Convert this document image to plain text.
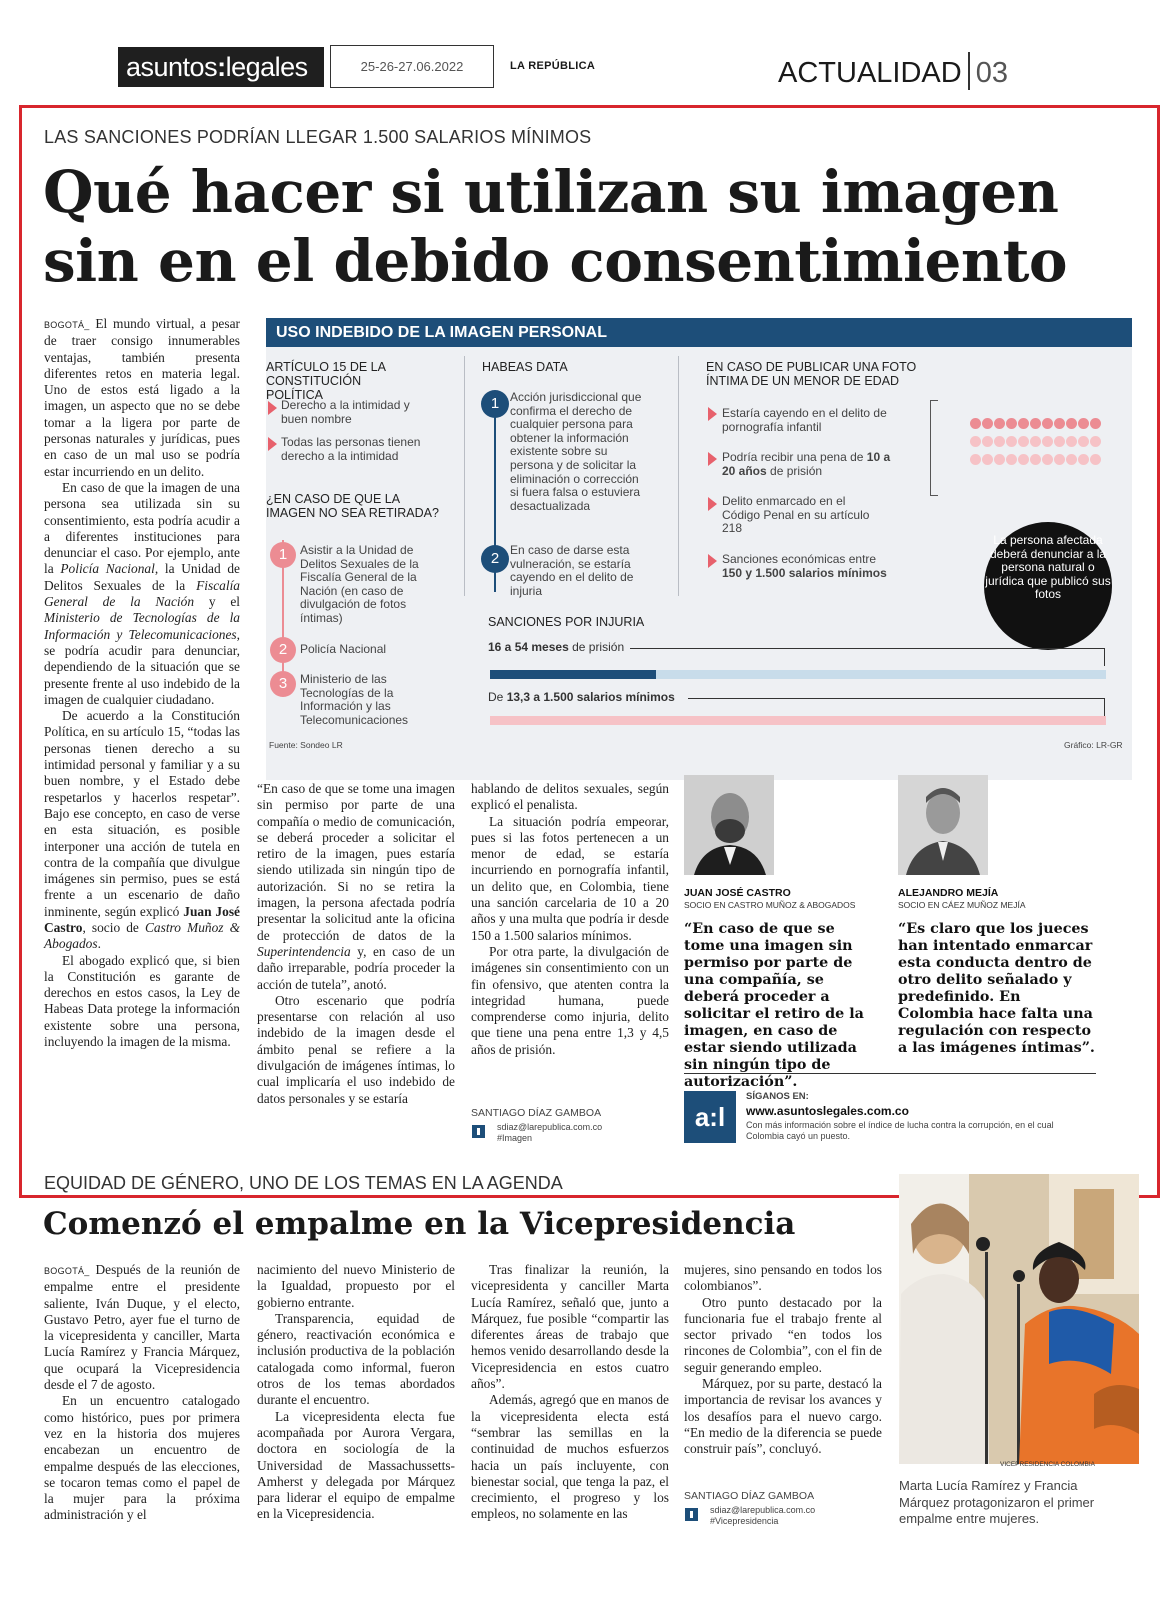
asuntos:legales	25-26-27.06.2022	LA REPÚBLICA	ACTUALIDAD 03
LAS SANCIONES PODRÍAN LLEGAR 1.500 SALARIOS MÍNIMOS
Qué hacer si utilizan su imagen sin en el debido consentimiento

BOGOTÁ_ El mundo virtual, a pesar de traer consigo innumerables ventajas, también presenta diferentes retos en materia legal. Uno de estos está ligado a la imagen, un aspecto que no se debe tomar a la ligera por parte de personas naturales y jurídicas, pues en caso de un mal uso se podría estar incurriendo en un delito.

En caso de que la imagen de una persona sea utilizada sin su consentimiento, esta podría acudir a a diferentes instituciones para denunciar el caso. Por ejemplo, ante la Policía Nacional, la Unidad de Delitos Sexuales de la Fiscalía General de la Nación y el Ministerio de Tecnologías de la Información y Telecomunicaciones, se podría acudir para denunciar, dependiendo de la situación que se presente frente al uso indebido de la imagen de cualquier ciudadano.

De acuerdo a la Constitución Política, en su artículo 15, “todas las personas tienen derecho a su intimidad personal y familiar y a su buen nombre, y el Estado debe respetarlos y hacerlos respetar”. Bajo ese concepto, en caso de verse en esta situación, es posible interponer una acción de tutela en contra de la compañía que divulgue imágenes sin permiso, pues se está frente a un escenario de daño inminente, según explicó Juan José Castro, socio de Castro Muñoz & Abogados.

El abogado explicó que, si bien la Constitución es garante de derechos en estos casos, la Ley de Habeas Data protege la información existente sobre una persona, incluyendo la imagen de la misma.

USO INDEBIDO DE LA IMAGEN PERSONAL
ARTÍCULO 15 DE LA CONSTITUCIÓN POLÍTICA
Derecho a la intimidad y buen nombre
Todas las personas tienen derecho a la intimidad
¿EN CASO DE QUE LA IMAGEN NO SEA RETIRADA?
1	Asistir a la Unidad de Delitos Sexuales de la Fiscalía General de la Nación (en caso de divulgación de fotos íntimas)
2	Policía Nacional
3	Ministerio de las Tecnologías de la Información y las Telecomunicaciones
HABEAS DATA
1 Acción jurisdiccional que confirma el derecho de cualquier persona para obtener la información existente sobre su persona y de solicitar la eliminación o corrección si fuera falsa o estuviera desactualizada
2 En caso de darse esta vulneración, se estaría cayendo en el delito de injuria
EN CASO DE PUBLICAR UNA FOTO ÍNTIMA DE UN MENOR DE EDAD
Estaría cayendo en el delito de pornografía infantil
Podría recibir una pena de 10 a 20 años de prisión
Delito enmarcado en el Código Penal en su artículo 218
Sanciones económicas entre 150 y 1.500 salarios mínimos

La persona afectada deberá denunciar a la persona natural o jurídica que publicó sus fotos
SANCIONES POR INJURIA
16 a 54 meses de prisión
De 13,3 a 1.500 salarios mínimos
Fuente: Sondeo LR	Gráfico: LR-GR

“En caso de que se tome una imagen sin permiso por parte de una compañía o medio de comunicación, se deberá proceder a solicitar el retiro de la imagen, pues estaría siendo utilizada sin ningún tipo de autorización. Si no se retira la imagen, la persona afectada podría presentar la solicitud ante la oficina de protección de datos de la Superintendencia y, en caso de un daño irreparable, podría proceder la acción de tutela”, anotó.

Otro escenario que podría presentarse con relación al uso indebido de la imagen desde el ámbito penal se refiere a la divulgación de imágenes íntimas, lo cual implicaría el uso indebido de datos personales y se estaría

hablando de delitos sexuales, según explicó el penalista.

La situación podría empeorar, pues si las fotos pertenecen a un menor de edad, se estaría incurriendo en pornografía infantil, un delito que, en Colombia, tiene una sanción carcelaria de 10 a 20 años y una multa que podría ir desde 150 a 1.500 salarios mínimos.

Por otra parte, la divulgación de imágenes sin consentimiento con un fin ofensivo, que atenten contra la integridad humana, puede comprenderse como injuria, delito que tiene una pena entre 1,3 y 4,5 años de prisión.

SANTIAGO DÍAZ GAMBOA
sdiaz@larepublica.com.co
#Imagen
JUAN JOSÉ CASTRO
SOCIO EN CASTRO MUÑOZ & ABOGADOS
“En caso de que se tome una imagen sin permiso por parte de una compañía, se deberá proceder a solicitar el retiro de la imagen, en caso de estar siendo utilizada sin ningún tipo de autorización”.
ALEJANDRO MEJÍA
SOCIO EN CÁEZ MUÑOZ MEJÍA
“Es claro que los jueces han intentado enmarcar esta conducta dentro de otro delito señalado y predefinido. En Colombia hace falta una regulación con respecto a las imágenes íntimas”.
a:l
SÍGANOS EN:
www.asuntoslegales.com.co
Con más información sobre el índice de lucha contra la corrupción, en el cual Colombia cayó un puesto.
EQUIDAD DE GÉNERO, UNO DE LOS TEMAS EN LA AGENDA
Comenzó el empalme en la Vicepresidencia

BOGOTÁ_ Después de la reunión de empalme entre el presidente saliente, Iván Duque, y el electo, Gustavo Petro, ayer fue el turno de la vicepresidenta y canciller, Marta Lucía Ramírez y Francia Márquez, que ocupará la Vicepresidencia desde el 7 de agosto.

En un encuentro catalogado como histórico, pues por primera vez en la historia dos mujeres encabezan un encuentro de empalme después de las elecciones, se tocaron temas como el papel de la mujer para la próxima administración y el

nacimiento del nuevo Ministerio de la Igualdad, propuesto por el gobierno entrante.

Transparencia, equidad de género, reactivación económica e inclusión productiva de la población catalogada como informal, fueron otros de los temas abordados durante el encuentro.

La vicepresidenta electa fue acompañada por Aurora Vergara, doctora en sociología de la Universidad de Massachussetts-Amherst y delegada por Márquez para liderar el equipo de empalme en la Vicepresidencia.

Tras finalizar la reunión, la vicepresidenta y canciller Marta Lucía Ramírez, señaló que, junto a Márquez, fue posible “compartir las diferentes áreas de trabajo que hemos venido desarrollando desde la Vicepresidencia en estos cuatro años”.

Además, agregó que en manos de la vicepresidenta electa está “sembrar las semillas en la continuidad de muchos esfuerzos hacia un país incluyente, con bienestar social, que tenga la paz, el crecimiento, el progreso y los empleos, no solamente en las

mujeres, sino pensando en todos los colombianos”.

Otro punto destacado por la funcionaria fue el trabajo frente al sector privado “en todos los rincones de Colombia”, con el fin de seguir generando empleo.

Márquez, por su parte, destacó la importancia de revisar los avances y los desafíos para el nuevo cargo. “En medio de la diferencia se puede construir país”, concluyó.

SANTIAGO DÍAZ GAMBOA
sdiaz@larepublica.com.co
#Vicepresidencia
VICEPRESIDENCIA COLOMBIA
Marta Lucía Ramírez y Francia Márquez protagonizaron el primer empalme entre mujeres.
